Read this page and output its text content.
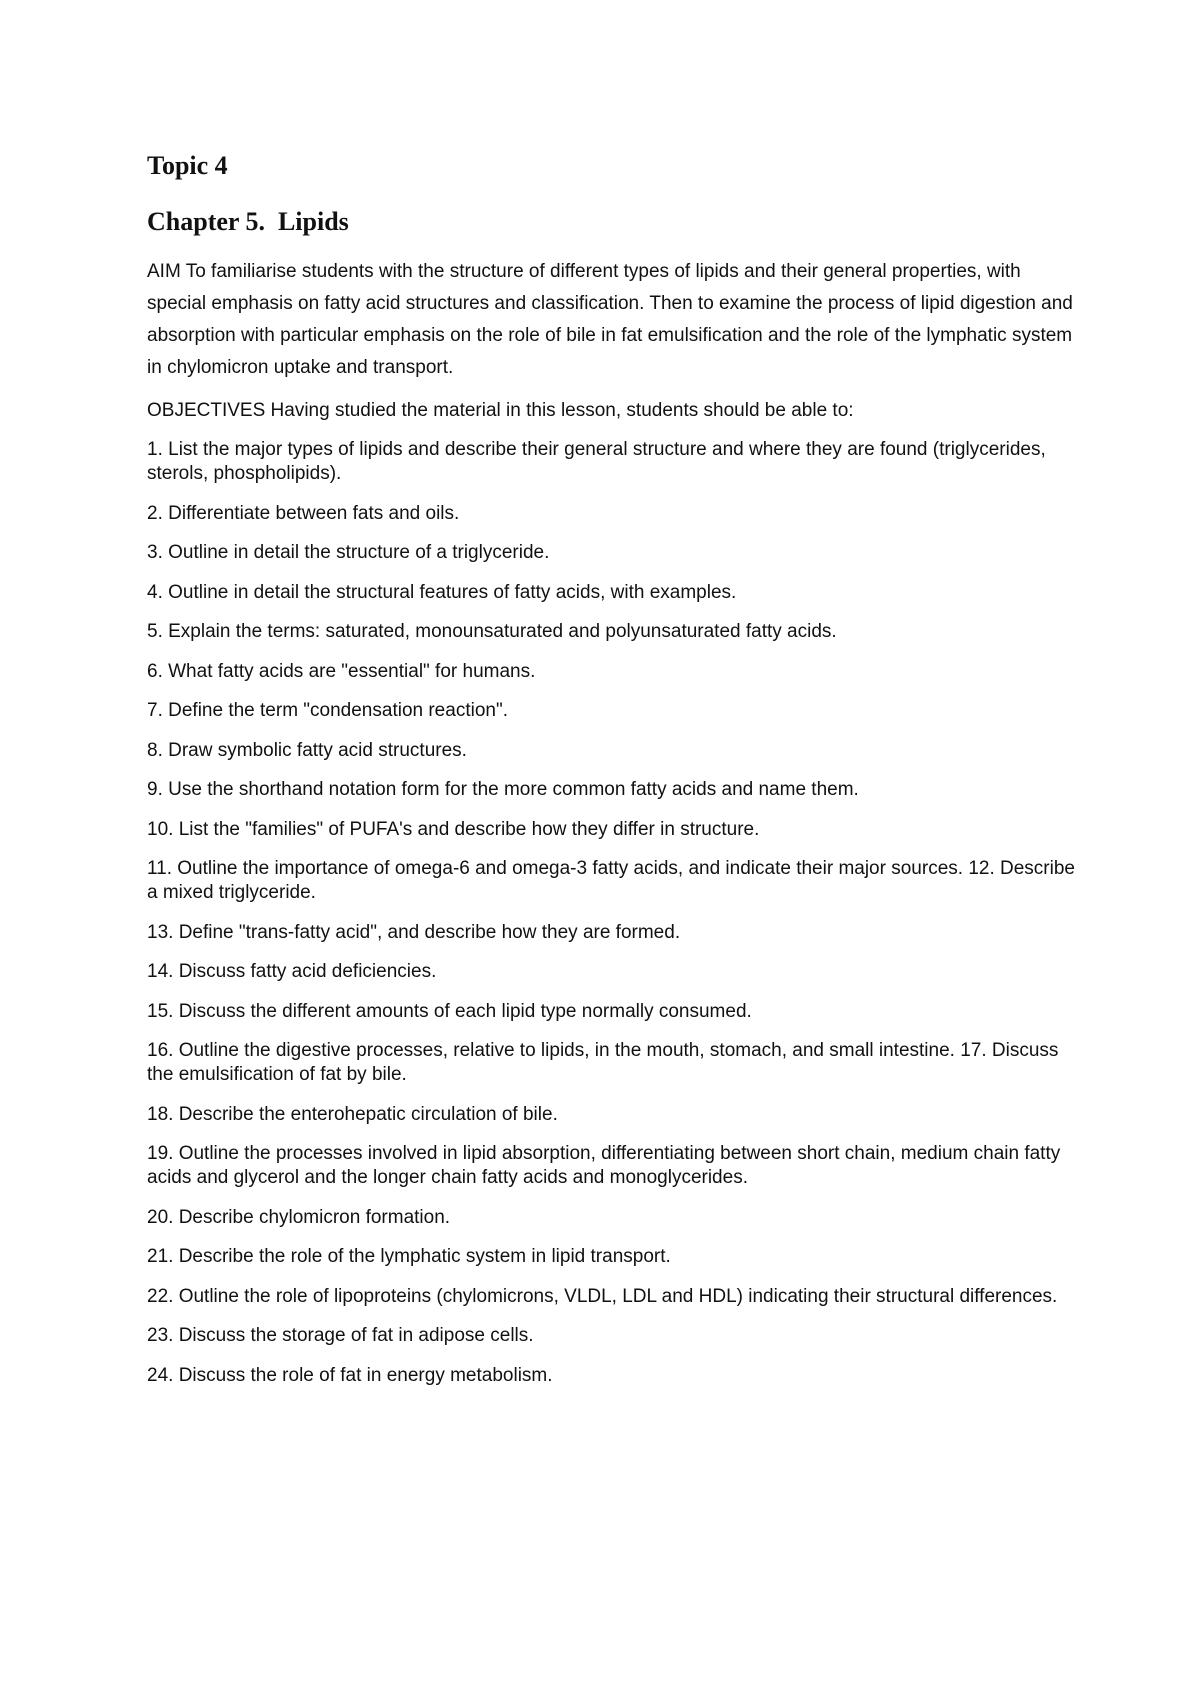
Topic 4
Chapter 5.  Lipids

AIM To familiarise students with the structure of different types of lipids and their general properties, with special emphasis on fatty acid structures and classification. Then to examine the process of lipid digestion and absorption with particular emphasis on the role of bile in fat emulsification and the role of the lymphatic system in chylomicron uptake and transport.

OBJECTIVES Having studied the material in this lesson, students should be able to:

1. List the major types of lipids and describe their general structure and where they are found (triglycerides, sterols, phospholipids).
2. Differentiate between fats and oils.
3. Outline in detail the structure of a triglyceride.
4. Outline in detail the structural features of fatty acids, with examples.
5. Explain the terms: saturated, monounsaturated and polyunsaturated fatty acids.
6. What fatty acids are "essential" for humans.
7. Define the term "condensation reaction".
8. Draw symbolic fatty acid structures.
9. Use the shorthand notation form for the more common fatty acids and name them.
10. List the "families" of PUFA's and describe how they differ in structure.
11. Outline the importance of omega-6 and omega-3 fatty acids, and indicate their major sources. 12. Describe a mixed triglyceride.
13. Define "trans-fatty acid", and describe how they are formed.
14. Discuss fatty acid deficiencies.
15. Discuss the different amounts of each lipid type normally consumed.
16. Outline the digestive processes, relative to lipids, in the mouth, stomach, and small intestine. 17. Discuss the emulsification of fat by bile.
18. Describe the enterohepatic circulation of bile.
19. Outline the processes involved in lipid absorption, differentiating between short chain, medium chain fatty acids and glycerol and the longer chain fatty acids and monoglycerides.
20. Describe chylomicron formation.
21. Describe the role of the lymphatic system in lipid transport.
22. Outline the role of lipoproteins (chylomicrons, VLDL, LDL and HDL) indicating their structural differences.
23. Discuss the storage of fat in adipose cells.
24. Discuss the role of fat in energy metabolism.
